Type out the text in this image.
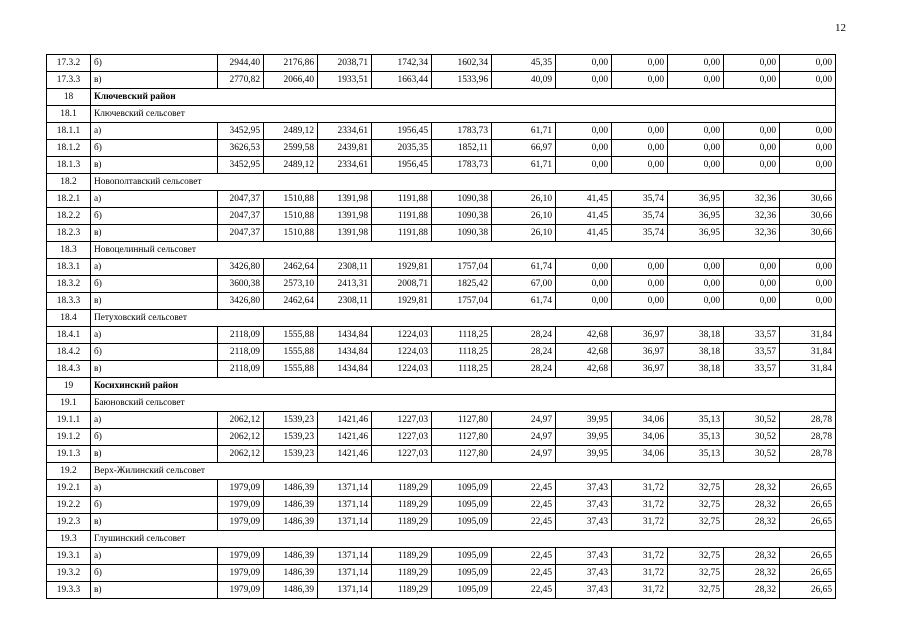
12
17.3.2	б)	2944,40	2176,86	2038,71	1742,34	1602,34	45,35	0,00	0,00	0,00	0,00	0,00
17.3.3	в)	2770,82	2066,40	1933,51	1663,44	1533,96	40,09	0,00	0,00	0,00	0,00	0,00
18	Ключевский район											
18.1	Ключевский сельсовет											
18.1.1	а)	3452,95	2489,12	2334,61	1956,45	1783,73	61,71	0,00	0,00	0,00	0,00	0,00
18.1.2	б)	3626,53	2599,58	2439,81	2035,35	1852,11	66,97	0,00	0,00	0,00	0,00	0,00
18.1.3	в)	3452,95	2489,12	2334,61	1956,45	1783,73	61,71	0,00	0,00	0,00	0,00	0,00
18.2	Новополтавский сельсовет											
18.2.1	а)	2047,37	1510,88	1391,98	1191,88	1090,38	26,10	41,45	35,74	36,95	32,36	30,66
18.2.2	б)	2047,37	1510,88	1391,98	1191,88	1090,38	26,10	41,45	35,74	36,95	32,36	30,66
18.2.3	в)	2047,37	1510,88	1391,98	1191,88	1090,38	26,10	41,45	35,74	36,95	32,36	30,66
18.3	Новоцелинный сельсовет											
18.3.1	а)	3426,80	2462,64	2308,11	1929,81	1757,04	61,74	0,00	0,00	0,00	0,00	0,00
18.3.2	б)	3600,38	2573,10	2413,31	2008,71	1825,42	67,00	0,00	0,00	0,00	0,00	0,00
18.3.3	в)	3426,80	2462,64	2308,11	1929,81	1757,04	61,74	0,00	0,00	0,00	0,00	0,00
18.4	Петуховский сельсовет											
18.4.1	а)	2118,09	1555,88	1434,84	1224,03	1118,25	28,24	42,68	36,97	38,18	33,57	31,84
18.4.2	б)	2118,09	1555,88	1434,84	1224,03	1118,25	28,24	42,68	36,97	38,18	33,57	31,84
18.4.3	в)	2118,09	1555,88	1434,84	1224,03	1118,25	28,24	42,68	36,97	38,18	33,57	31,84
19	Косихинский район											
19.1	Баюновский сельсовет											
19.1.1	а)	2062,12	1539,23	1421,46	1227,03	1127,80	24,97	39,95	34,06	35,13	30,52	28,78
19.1.2	б)	2062,12	1539,23	1421,46	1227,03	1127,80	24,97	39,95	34,06	35,13	30,52	28,78
19.1.3	в)	2062,12	1539,23	1421,46	1227,03	1127,80	24,97	39,95	34,06	35,13	30,52	28,78
19.2	Верх-Жилинский сельсовет											
19.2.1	а)	1979,09	1486,39	1371,14	1189,29	1095,09	22,45	37,43	31,72	32,75	28,32	26,65
19.2.2	б)	1979,09	1486,39	1371,14	1189,29	1095,09	22,45	37,43	31,72	32,75	28,32	26,65
19.2.3	в)	1979,09	1486,39	1371,14	1189,29	1095,09	22,45	37,43	31,72	32,75	28,32	26,65
19.3	Глушинский сельсовет											
19.3.1	а)	1979,09	1486,39	1371,14	1189,29	1095,09	22,45	37,43	31,72	32,75	28,32	26,65
19.3.2	б)	1979,09	1486,39	1371,14	1189,29	1095,09	22,45	37,43	31,72	32,75	28,32	26,65
19.3.3	в)	1979,09	1486,39	1371,14	1189,29	1095,09	22,45	37,43	31,72	32,75	28,32	26,65
